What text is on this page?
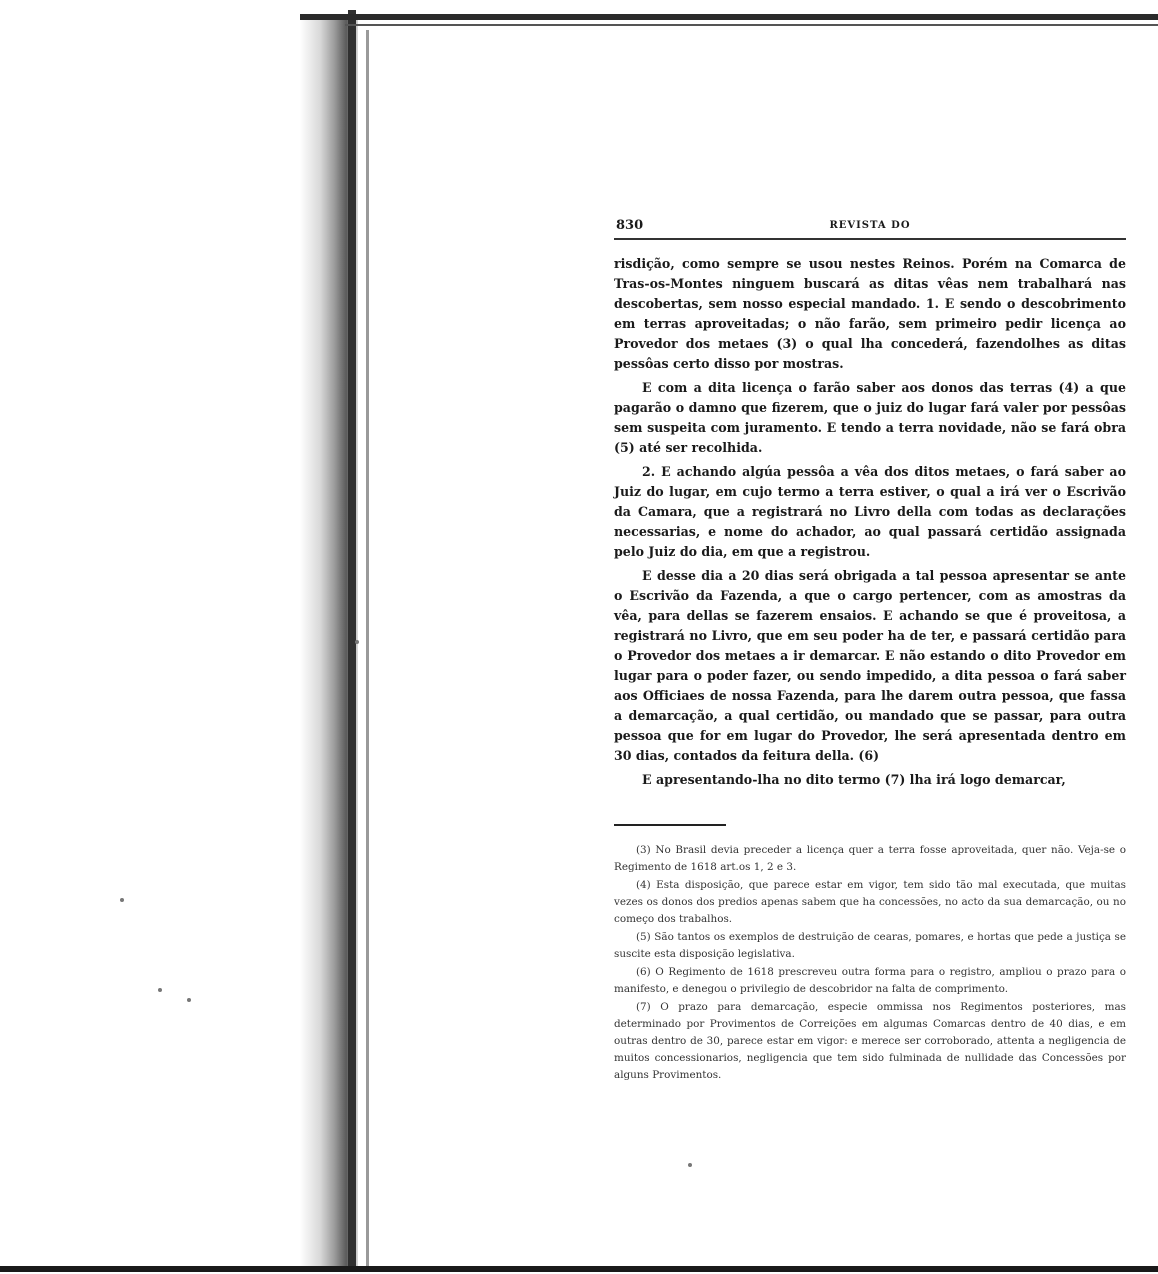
830	REVISTA DO

risdição, como sempre se usou nestes Reinos. Porém na Comarca de Tras-os-Montes ninguem buscará as ditas vêas nem trabalhará nas descobertas, sem nosso especial mandado. 1. E sendo o descobrimento em terras aproveitadas; o não farão, sem primeiro pedir licença ao Provedor dos metaes (3) o qual lha concederá, fazendolhes as ditas pessôas certo disso por mostras.

E com a dita licença o farão saber aos donos das terras (4) a que pagarão o damno que fizerem, que o juiz do lugar fará valer por pessôas sem suspeita com juramento. E tendo a terra novidade, não se fará obra (5) até ser recolhida.

2. E achando algúa pessôa a vêa dos ditos metaes, o fará saber ao Juiz do lugar, em cujo termo a terra estiver, o qual a irá ver o Escrivão da Camara, que a registrará no Livro della com todas as declarações necessarias, e nome do achador, ao qual passará certidão assignada pelo Juiz do dia, em que a registrou.

E desse dia a 20 dias será obrigada a tal pessoa apresentar se ante o Escrivão da Fazenda, a que o cargo pertencer, com as amostras da vêa, para dellas se fazerem ensaios. E achando se que é proveitosa, a registrará no Livro, que em seu poder ha de ter, e passará certidão para o Provedor dos metaes a ir demarcar. E não estando o dito Provedor em lugar para o poder fazer, ou sendo impedido, a dita pessoa o fará saber aos Officiaes de nossa Fazenda, para lhe darem outra pessoa, que fassa a demarcação, a qual certidão, ou mandado que se passar, para outra pessoa que for em lugar do Provedor, lhe será apresentada dentro em 30 dias, contados da feitura della. (6)

E apresentando-lha no dito termo (7) lha irá logo demarcar,

(3) No Brasil devia preceder a licença quer a terra fosse aproveitada, quer não. Veja-se o Regimento de 1618 art.os 1, 2 e 3.

(4) Esta disposição, que parece estar em vigor, tem sido tão mal executada, que muitas vezes os donos dos predios apenas sabem que ha concessões, no acto da sua demarcação, ou no começo dos trabalhos.

(5) São tantos os exemplos de destruição de cearas, pomares, e hortas que pede a justiça se suscite esta disposição legislativa.

(6) O Regimento de 1618 prescreveu outra forma para o registro, ampliou o prazo para o manifesto, e denegou o privilegio de descobridor na falta de comprimento.

(7) O prazo para demarcação, especie ommissa nos Regimentos posteriores, mas determinado por Provimentos de Correições em algumas Comarcas dentro de 40 dias, e em outras dentro de 30, parece estar em vigor: e merece ser corroborado, attenta a negligencia de muitos concessionarios, negligencia que tem sido fulminada de nullidade das Concessões por alguns Provimentos.
